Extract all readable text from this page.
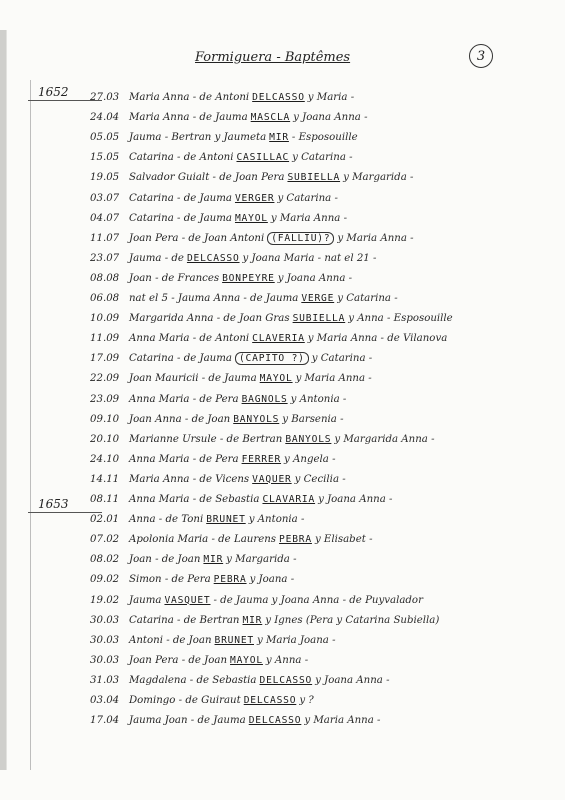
Formiguera - Baptêmes	3
1652
1653
27.03 Maria Anna - de Antoni DELCASSO y Maria -
24.04 Maria Anna - de Jauma MASCLA y Joana Anna -
05.05 Jauma - Bertran y Jaumeta MIR - Esposouille
15.05 Catarina - de Antoni CASILLAC y Catarina -
19.05 Salvador Guialt - de Joan Pera SUBIELLA y Margarida -
03.07 Catarina - de Jauma VERGER y Catarina -
04.07 Catarina - de Jauma MAYOL y Maria Anna -
11.07 Joan Pera - de Joan Antoni (FALLIU)? y Maria Anna -
23.07 Jauma - de DELCASSO y Joana Maria - nat el 21 -
08.08 Joan - de Frances BONPEYRE y Joana Anna -
06.08 nat el 5 - Jauma Anna - de Jauma VERGE y Catarina -
10.09 Margarida Anna - de Joan Gras SUBIELLA y Anna - Esposouille
11.09 Anna Maria - de Antoni CLAVERIA y Maria Anna - de Vilanova
17.09 Catarina - de Jauma (CAPITO ?) y Catarina -
22.09 Joan Mauricii - de Jauma MAYOL y Maria Anna -
23.09 Anna Maria - de Pera BAGNOLS y Antonia -
09.10 Joan Anna - de Joan BANYOLS y Barsenia -
20.10 Marianne Ursule - de Bertran BANYOLS y Margarida Anna -
24.10 Anna Maria - de Pera FERRER y Angela -
14.11 Maria Anna - de Vicens VAQUER y Cecilia -
08.11 Anna Maria - de Sebastia CLAVARIA y Joana Anna -
02.01 Anna - de Toni BRUNET y Antonia -
07.02 Apolonia Maria - de Laurens PEBRA y Elisabet -
08.02 Joan - de Joan MIR y Margarida -
09.02 Simon - de Pera PEBRA y Joana -
19.02 Jauma VASQUET - de Jauma y Joana Anna - de Puyvalador
30.03 Catarina - de Bertran MIR y Ignes (Pera y Catarina Subiella)
30.03 Antoni - de Joan BRUNET y Maria Joana -
30.03 Joan Pera - de Joan MAYOL y Anna -
31.03 Magdalena - de Sebastia DELCASSO y Joana Anna -
03.04 Domingo - de Guiraut DELCASSO y ?
17.04 Jauma Joan - de Jauma DELCASSO y Maria Anna -
